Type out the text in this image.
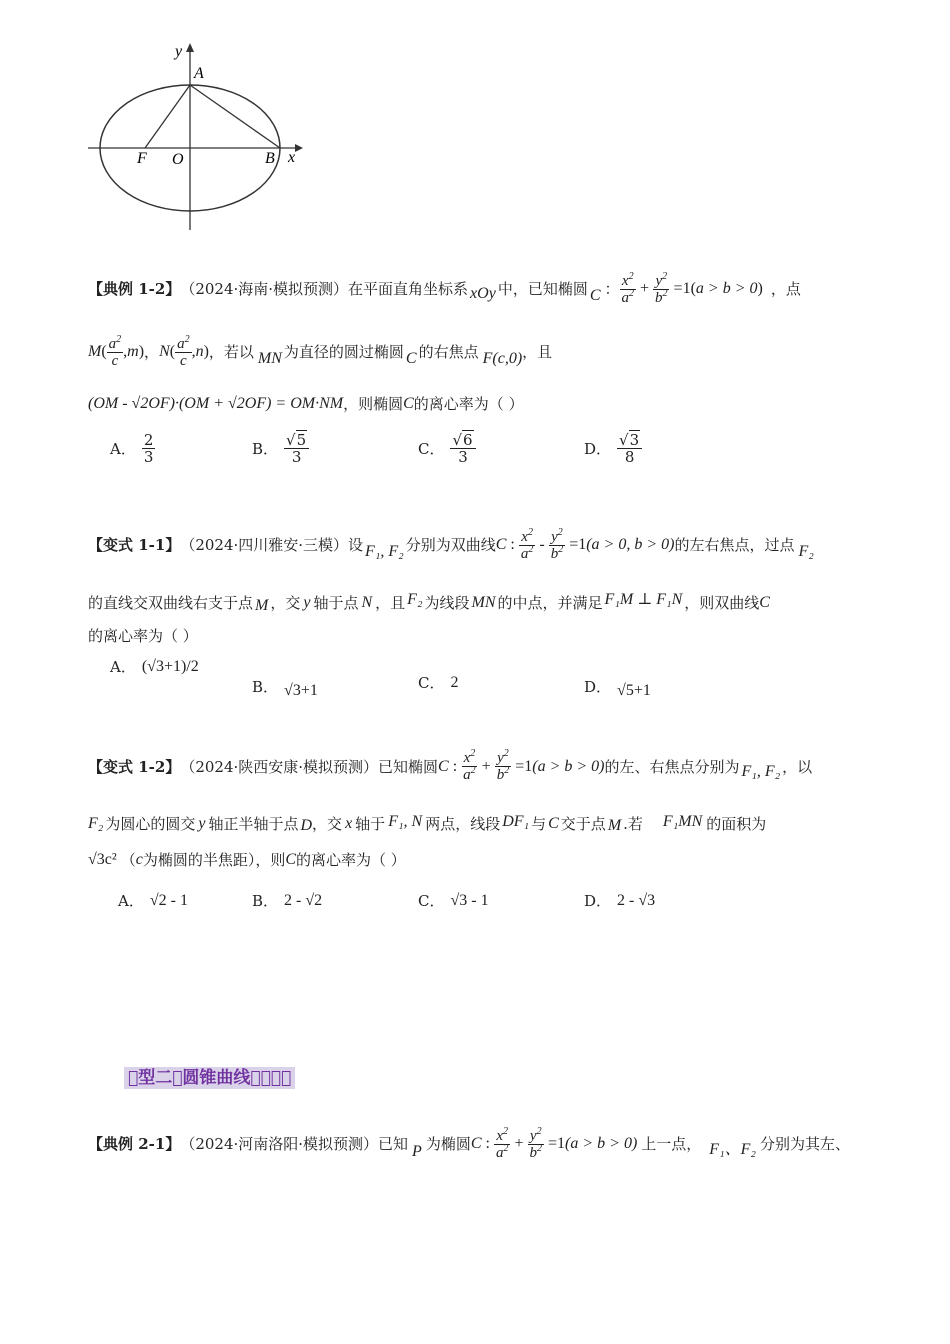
y
A
F O	B x
【典例 1-2】 （2024·海南·模拟预测）在平面直角坐标系 xOy 中，已知椭圆 C ： $\frac{x^2}{a^2} + \frac{y^2}{b^2} =1$( a > b > 0 ) ，点
M ( $\frac{a^2}{c}$ , m ) ， N ( $\frac{a^2}{c}$ , n ) ，若以 MN 为直径的圆过椭圆 C 的右焦点 F(c,0) ，且
(OM - √2OF)·(OM + √2OF) = OM·NM ，则椭圆 C 的离心率为（ ）
A． $\frac{2}{3}$	B． $\frac{√5}{3}$	C． $\frac{√6}{3}$	D． $\frac{√3}{8}$
【变式 1-1】 （2024·四川雅安·三模）设 F₁, F₂ 分别为双曲线 C : $\frac{x^2}{a^2} - \frac{y^2}{b^2} =1$ (a > 0, b > 0) 的左右焦点，过点 F₂
的直线交双曲线右支于点 M ，交 y 轴于点 N ，且 F₂ 为线段 MN 的中点，并满足 F₁M ⊥ F₁N ，则双曲线 C
的离心率为（ ）
A． (√3+1)/2
B． √3+1	C． 2	D． √5+1
【变式 1-2】 （2024·陕西安康·模拟预测）已知椭圆 C : $\frac{x^2}{a^2} + \frac{y^2}{b^2} =1$ (a > b > 0) 的左、右焦点分别为 F₁, F₂ ，以
F₂ 为圆心的圆交 y 轴正半轴于点 D ，交 x 轴于 F₁, N 两点，线段 DF₁ 与 C 交于点 M .若 F₁MN 的面积为
√3c² （ c 为椭圆的半焦距），则 C 的离心率为（ ）
A． √2 - 1	B． 2 - √2	C． √3 - 1	D． 2 - √3
 型二 圆锥曲线    
【典例 2-1】 （2024·河南洛阳·模拟预测）已知 P 为椭圆 C : $\frac{x^2}{a^2} + \frac{y^2}{b^2} =1$ (a > b > 0) 上一点， F₁、F₂ 分别为其左、
